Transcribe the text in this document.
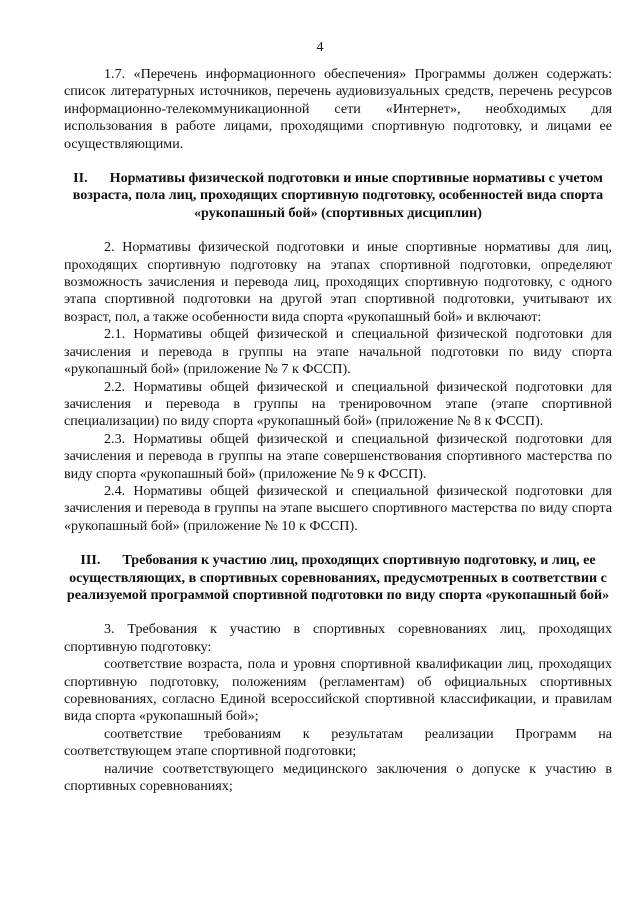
4

1.7. «Перечень информационного обеспечения» Программы должен содержать: список литературных источников, перечень аудиовизуальных средств, перечень ресурсов информационно-телекоммуникационной сети «Интернет», необходимых для использования в работе лицами, проходящими спортивную подготовку, и лицами ее осуществляющими.

II. Нормативы физической подготовки и иные спортивные нормативы с учетом возраста, пола лиц, проходящих спортивную подготовку, особенностей вида спорта «рукопашный бой» (спортивных дисциплин)

2. Нормативы физической подготовки и иные спортивные нормативы для лиц, проходящих спортивную подготовку на этапах спортивной подготовки, определяют возможность зачисления и перевода лиц, проходящих спортивную подготовку, с одного этапа спортивной подготовки на другой этап спортивной подготовки, учитывают их возраст, пол, а также особенности вида спорта «рукопашный бой» и включают:

2.1. Нормативы общей физической и специальной физической подготовки для зачисления и перевода в группы на этапе начальной подготовки по виду спорта «рукопашный бой» (приложение № 7 к ФССП).

2.2. Нормативы общей физической и специальной физической подготовки для зачисления и перевода в группы на тренировочном этапе (этапе спортивной специализации) по виду спорта «рукопашный бой» (приложение № 8 к ФССП).

2.3. Нормативы общей физической и специальной физической подготовки для зачисления и перевода в группы на этапе совершенствования спортивного мастерства по виду спорта «рукопашный бой» (приложение № 9 к ФССП).

2.4. Нормативы общей физической и специальной физической подготовки для зачисления и перевода в группы на этапе высшего спортивного мастерства по виду спорта «рукопашный бой» (приложение № 10 к ФССП).

III. Требования к участию лиц, проходящих спортивную подготовку, и лиц, ее осуществляющих, в спортивных соревнованиях, предусмотренных в соответствии с реализуемой программой спортивной подготовки по виду спорта «рукопашный бой»

3. Требования к участию в спортивных соревнованиях лиц, проходящих спортивную подготовку:

соответствие возраста, пола и уровня спортивной квалификации лиц, проходящих спортивную подготовку, положениям (регламентам) об официальных спортивных соревнованиях, согласно Единой всероссийской спортивной классификации, и правилам вида спорта «рукопашный бой»;

соответствие требованиям к результатам реализации Программ на соответствующем этапе спортивной подготовки;

наличие соответствующего медицинского заключения о допуске к участию в спортивных соревнованиях;
